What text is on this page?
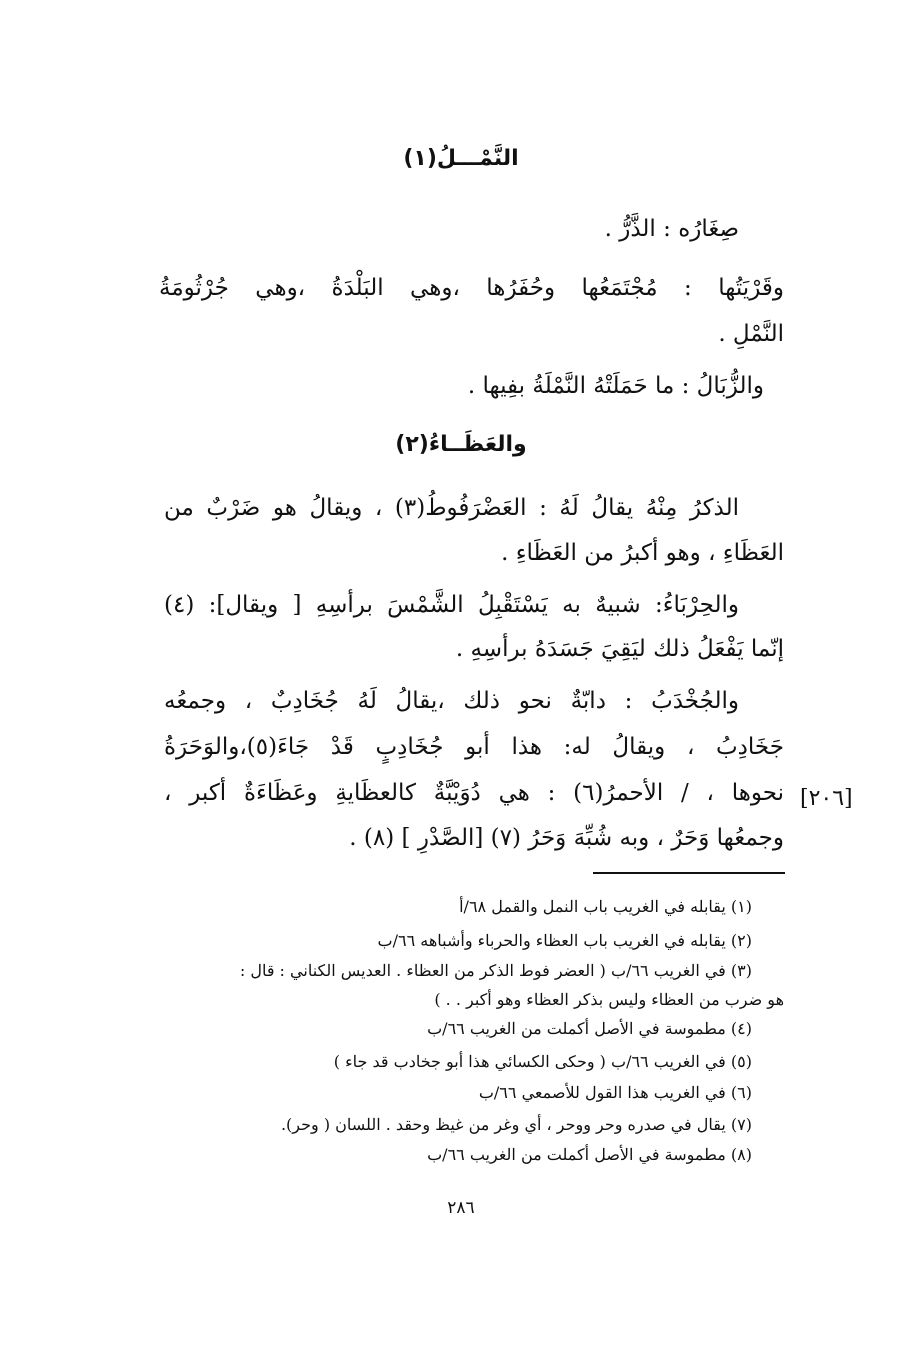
النَّمْـــلُ(١)
صِغَارُه : الذَّرُّ .
وقَرْيَتُها : مُجْتَمَعُها وحُفَرُها ،وهي البَلْدَةُ ،وهي جُرْثُومَةُ
النَّمْلِ .
والزُّبَالُ : ما حَمَلَتْهُ النَّمْلَةُ بفِيها .
والعَظَــاءُ(٢)
الذكرُ مِنْهُ يقالُ لَهُ : العَضْرَفُوطُ(٣) ، ويقالُ هو ضَرْبٌ من
العَظَاءِ ، وهو أكبرُ من العَظَاءِ .
والحِرْبَاءُ: شبيهٌ به يَسْتَقْبِلُ الشَّمْسَ برأسِهِ [ ويقال]: (٤)
إنّما يَفْعَلُ ذلك ليَقِيَ جَسَدَهُ برأسِهِ .
والجُخْدَبُ : دابّةٌ نحو ذلك ،يقالُ لَهُ جُخَادِبٌ ، وجمعُه
جَخَادِبُ ، ويقالُ له: هذا أبو جُخَادِبٍ قَدْ جَاءَ(٥)،والوَحَرَةُ
نحوها ، / الأحمرُ(٦) : هي دُوَيْبَّةٌ كالعظَايةِ وعَظَاءَةٌ أكبر ،
وجمعُها وَحَرٌ ، وبه شُبِّهَ وَحَرُ (٧) [الصَّدْرِ ] (٨) .
[٢٠٦]
(١) يقابله في الغريب باب النمل والقمل ٦٨/أ
(٢) يقابله في الغريب باب العظاء والحرباء وأشباهه ٦٦/ب
(٣) في الغريب ٦٦/ب ( العضر فوط الذكر من العظاء . العديس الكناني : قال :
هو ضرب من العظاء وليس بذكر العظاء وهو أكبر . . )
(٤) مطموسة في الأصل أكملت من الغريب ٦٦/ب
(٥) في الغريب ٦٦/ب ( وحكى الكسائي هذا أبو جخادب قد جاء )
(٦) في الغريب هذا القول للأصمعي ٦٦/ب
(٧) يقال في صدره وحر ووحر ، أي وغر من غيظ وحقد . اللسان ( وحر).
(٨) مطموسة في الأصل أكملت من الغريب ٦٦/ب
٢٨٦
